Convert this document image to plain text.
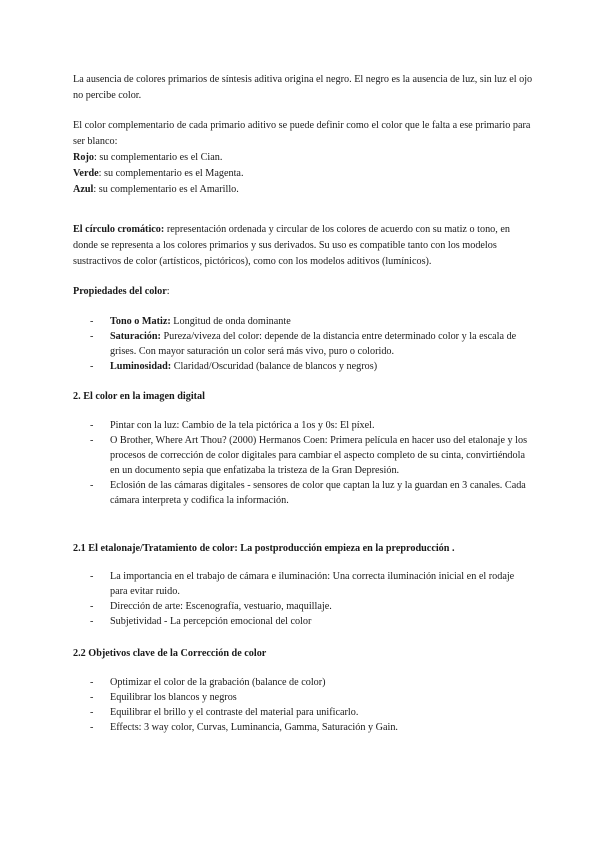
La ausencia de colores primarios de síntesis aditiva origina el negro. El negro es la ausencia de luz, sin luz el ojo no percibe color.

El color complementario de cada primario aditivo se puede definir como el color que le falta a ese primario para ser blanco:

Rojo: su complementario es el Cian.

Verde: su complementario es el Magenta.

Azul: su complementario es el Amarillo.

El círculo cromático: representación ordenada y circular de los colores de acuerdo con su matiz o tono, en donde se representa a los colores primarios y sus derivados. Su uso es compatible tanto con los modelos sustractivos de color (artísticos, pictóricos), como con los modelos aditivos (lumínicos).

Propiedades del color:

- Tono o Matiz: Longitud de onda dominante
- Saturación: Pureza/viveza del color: depende de la distancia entre determinado color y la escala de grises. Con mayor saturación un color será más vivo, puro o colorido.
- Luminosidad: Claridad/Oscuridad (balance de blancos y negros)

2. El color en la imagen digital

- Pintar con la luz: Cambio de la tela pictórica a 1os y 0s: El píxel.
- O Brother, Where Art Thou? (2000) Hermanos Coen: Primera película en hacer uso del etalonaje y los procesos de corrección de color digitales para cambiar el aspecto completo de su cinta, convirtiéndola en un documento sepia que enfatizaba la tristeza de la Gran Depresión.
- Eclosión de las cámaras digitales - sensores de color que captan la luz y la guardan en 3 canales. Cada cámara interpreta y codifica la información.

2.1 El etalonaje/Tratamiento de color: La postproducción empieza en la preproducción .

- La importancia en el trabajo de cámara e iluminación: Una correcta iluminación inicial en el rodaje para evitar ruido.
- Dirección de arte: Escenografía, vestuario, maquillaje.
- Subjetividad - La percepción emocional del color

2.2 Objetivos clave de la Corrección de color

- Optimizar el color de la grabación (balance de color)
- Equilibrar los blancos y negros
- Equilibrar el brillo y el contraste del material para unificarlo.
- Effects: 3 way color, Curvas, Luminancia, Gamma, Saturación y Gain.
